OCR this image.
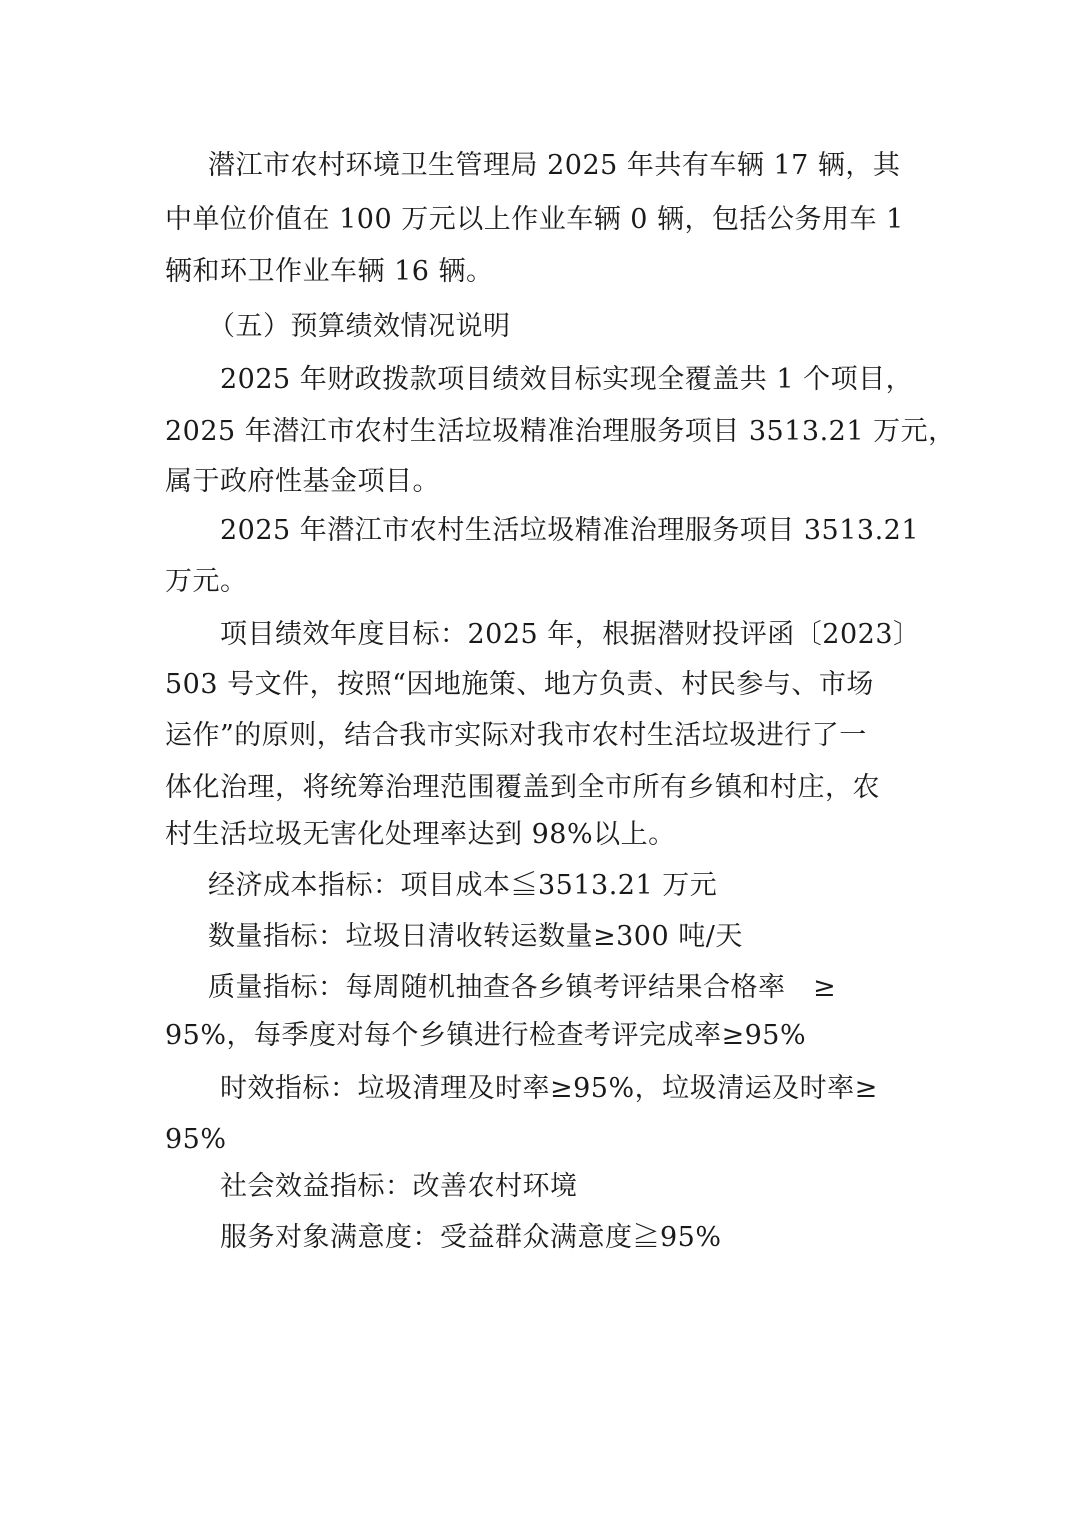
潜江市农村环境卫生管理局 2025 年共有车辆 17 辆，其
中单位价值在 100 万元以上作业车辆 0 辆，包括公务用车 1
辆和环卫作业车辆 16 辆。
（五）预算绩效情况说明
2025 年财政拨款项目绩效目标实现全覆盖共 1 个项目，
2025 年潜江市农村生活垃圾精准治理服务项目 3513.21 万元，
属于政府性基金项目。
2025 年潜江市农村生活垃圾精准治理服务项目 3513.21
万元。
项目绩效年度目标：2025 年，根据潜财投评函〔2023〕
503 号文件，按照“因地施策、地方负责、村民参与、市场
运作”的原则，结合我市实际对我市农村生活垃圾进行了一
体化治理，将统筹治理范围覆盖到全市所有乡镇和村庄，农
村生活垃圾无害化处理率达到 98%以上。
经济成本指标：项目成本≦3513.21 万元
数量指标：垃圾日清收转运数量≥300 吨/天
质量指标：每周随机抽查各乡镇考评结果合格率　≥
95%，每季度对每个乡镇进行检查考评完成率≥95%
时效指标：垃圾清理及时率≥95%，垃圾清运及时率≥
95%
社会效益指标：改善农村环境
服务对象满意度：受益群众满意度≧95%
